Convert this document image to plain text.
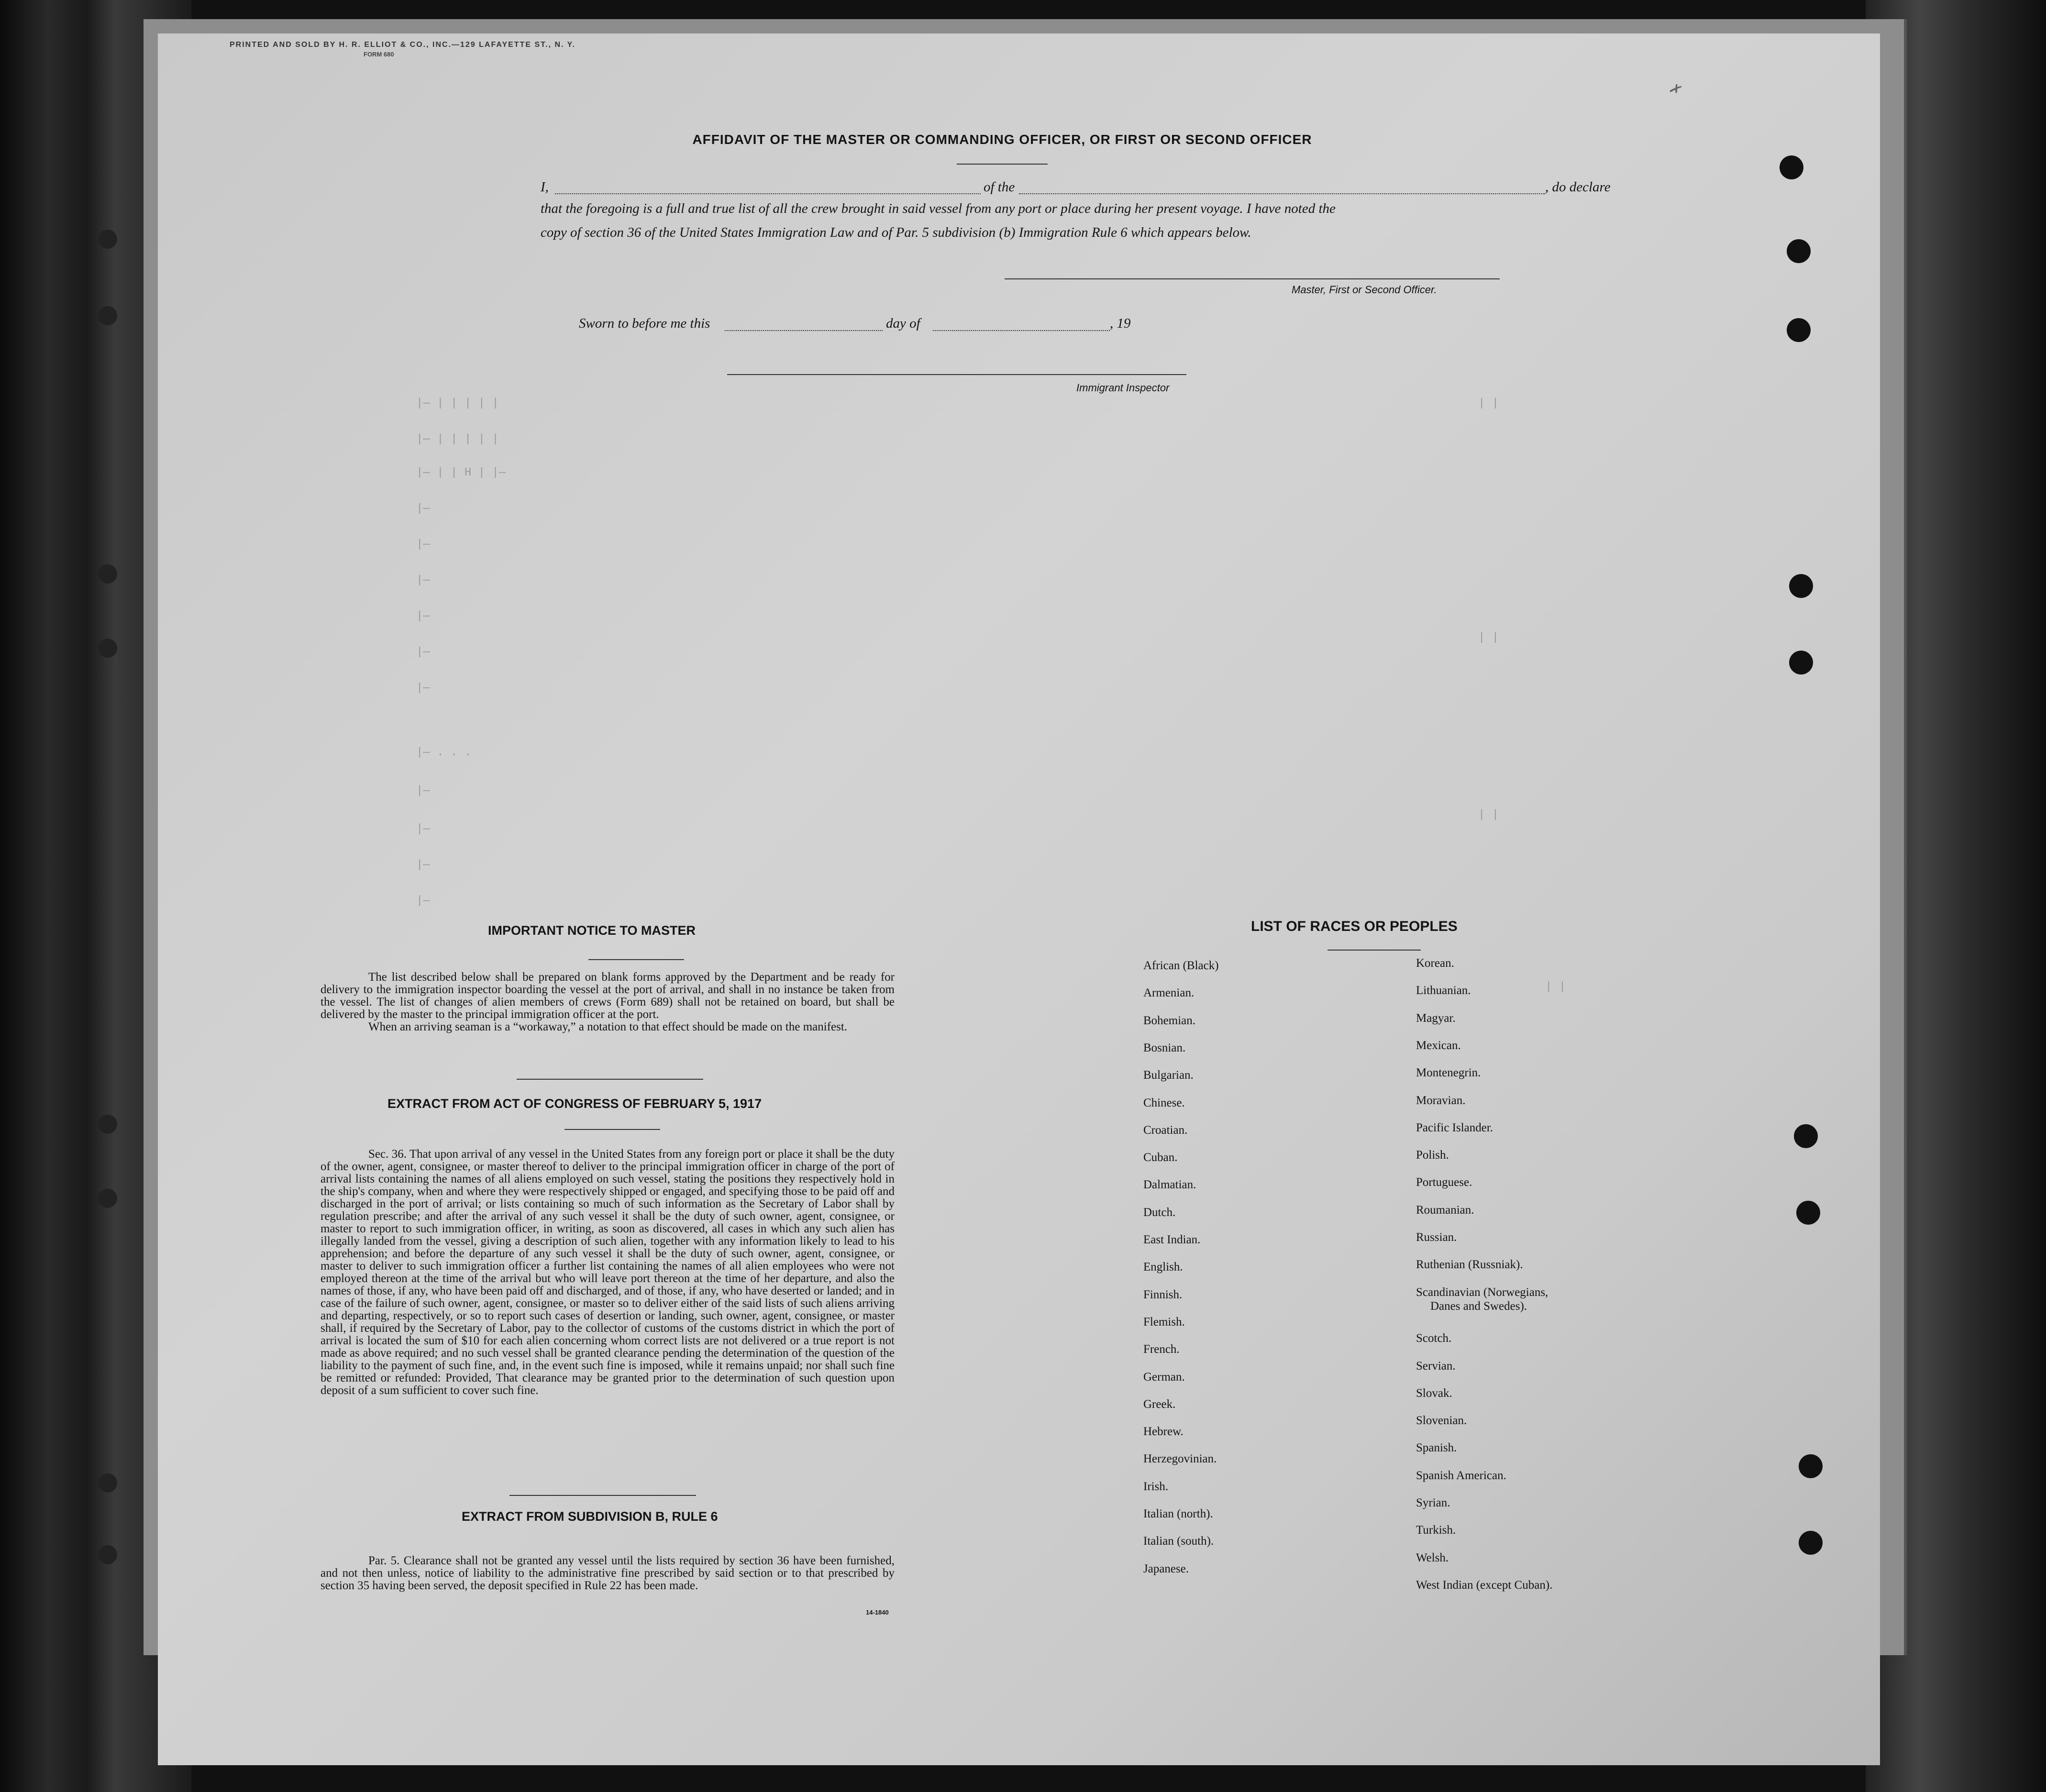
PRINTED AND SOLD BY H. R. ELLIOT & CO., INC.—129 LAFAYETTE ST., N. Y.
FORM 680
AFFIDAVIT OF THE MASTER OR COMMANDING OFFICER, OR FIRST OR SECOND OFFICER
I,	of the	, do declare
that the foregoing is a full and true list of all the crew brought in said vessel from any port or place during her present voyage. I have noted the
copy of section 36 of the United States Immigration Law and of Par. 5 subdivision (b) Immigration Rule 6 which appears below.
Master, First or Second Officer.
Sworn to before me this	day of	, 19
Immigrant Inspector
|— | | | | |
|— | | | | |
|— | | H | |—
|—
|—
|—
|—
|—
|—
|— . . .
|—
|—
|—
|—
| |
| |
| |
| |
✗
IMPORTANT NOTICE TO MASTER

The list described below shall be prepared on blank forms approved by the Department and be ready for delivery to the immigration inspector boarding the vessel at the port of arrival, and shall in no instance be taken from the vessel. The list of changes of alien members of crews (Form 689) shall not be retained on board, but shall be delivered by the master to the principal immigration officer at the port.

When an arriving seaman is a “workaway,” a notation to that effect should be made on the manifest.

EXTRACT FROM ACT OF CONGRESS OF FEBRUARY 5, 1917

Sec. 36. That upon arrival of any vessel in the United States from any foreign port or place it shall be the duty of the owner, agent, consignee, or master thereof to deliver to the principal immigration officer in charge of the port of arrival lists containing the names of all aliens employed on such vessel, stating the positions they respectively hold in the ship's company, when and where they were respectively shipped or engaged, and specifying those to be paid off and discharged in the port of arrival; or lists containing so much of such information as the Secretary of Labor shall by regulation prescribe; and after the arrival of any such vessel it shall be the duty of such owner, agent, consignee, or master to report to such immigration officer, in writing, as soon as discovered, all cases in which any such alien has illegally landed from the vessel, giving a description of such alien, together with any information likely to lead to his apprehension; and before the departure of any such vessel it shall be the duty of such owner, agent, consignee, or master to deliver to such immigration officer a further list containing the names of all alien employees who were not employed thereon at the time of the arrival but who will leave port thereon at the time of her departure, and also the names of those, if any, who have been paid off and discharged, and of those, if any, who have deserted or landed; and in case of the failure of such owner, agent, consignee, or master so to deliver either of the said lists of such aliens arriving and departing, respectively, or so to report such cases of desertion or landing, such owner, agent, consignee, or master shall, if required by the Secretary of Labor, pay to the collector of customs of the customs district in which the port of arrival is located the sum of $10 for each alien concerning whom correct lists are not delivered or a true report is not made as above required; and no such vessel shall be granted clearance pending the determination of the question of the liability to the payment of such fine, and, in the event such fine is imposed, while it remains unpaid; nor shall such fine be remitted or refunded: Provided, That clearance may be granted prior to the determination of such question upon deposit of a sum sufficient to cover such fine.

EXTRACT FROM SUBDIVISION B, RULE 6

Par. 5. Clearance shall not be granted any vessel until the lists required by section 36 have been furnished, and not then unless, notice of liability to the administrative fine prescribed by said section or to that prescribed by section 35 having been served, the deposit specified in Rule 22 has been made.

14-1840
LIST OF RACES OR PEOPLES
African (Black)
Armenian.
Bohemian.
Bosnian.
Bulgarian.
Chinese.
Croatian.
Cuban.
Dalmatian.
Dutch.
East Indian.
English.
Finnish.
Flemish.
French.
German.
Greek.
Hebrew.
Herzegovinian.
Irish.
Italian (north).
Italian (south).
Japanese.
Korean.
Lithuanian.
Magyar.
Mexican.
Montenegrin.
Moravian.
Pacific Islander.
Polish.
Portuguese.
Roumanian.
Russian.
Ruthenian (Russniak).
Scandinavian (Norwegians,
Danes and Swedes).
Scotch.
Servian.
Slovak.
Slovenian.
Spanish.
Spanish American.
Syrian.
Turkish.
Welsh.
West Indian (except Cuban).
